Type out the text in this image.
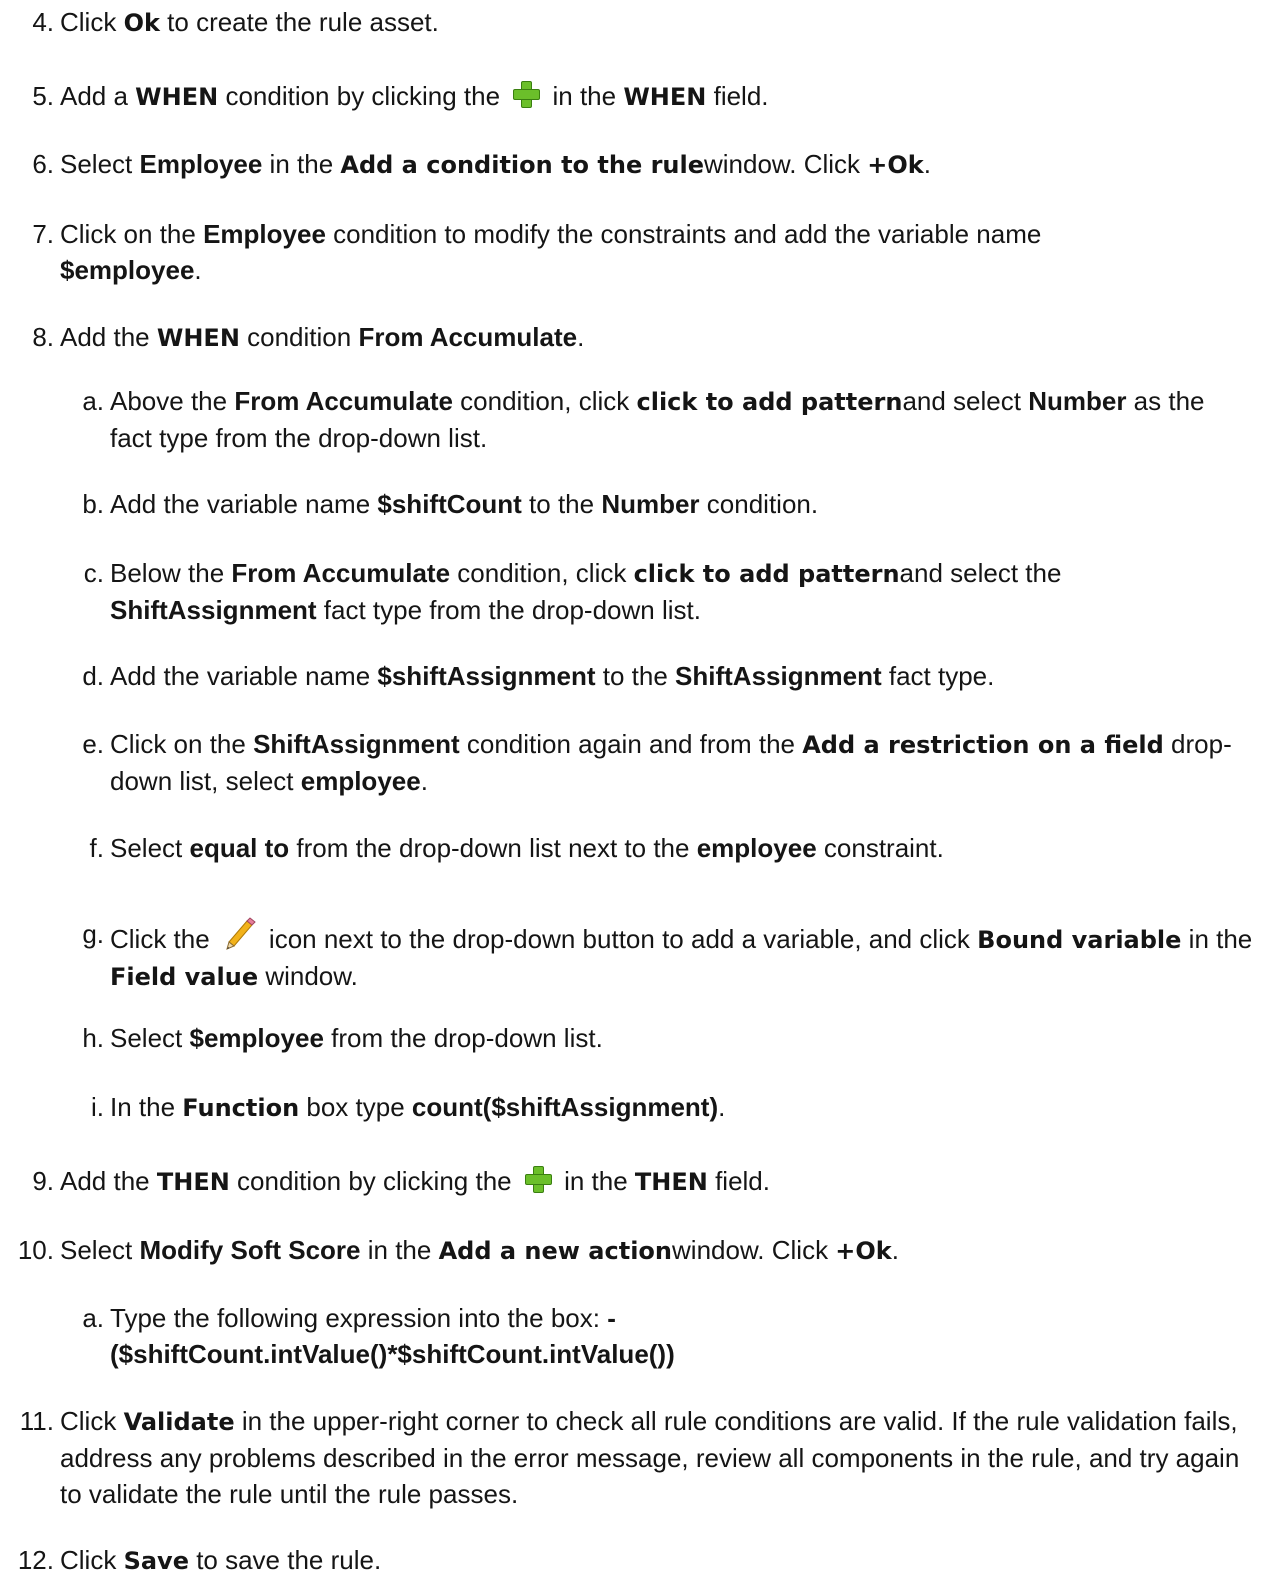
4. Click Ok to create the rule asset.
5. Add a WHEN condition by clicking the  in the WHEN field.
6. Select Employee in the Add a condition to the rulewindow. Click +Ok.
7. Click on the Employee condition to modify the constraints and add the variable name $employee.
8. Add the WHEN condition From Accumulate.
a. Above the From Accumulate condition, click click to add patternand select Number as the fact type from the drop-down list.
b. Add the variable name $shiftCount to the Number condition.
c. Below the From Accumulate condition, click click to add patternand select the ShiftAssignment fact type from the drop-down list.
d. Add the variable name $shiftAssignment to the ShiftAssignment fact type.
e. Click on the ShiftAssignment condition again and from the Add a restriction on a field drop-down list, select employee.
f. Select equal to from the drop-down list next to the employee constraint.
g. Click the icon next to the drop-down button to add a variable, and click Bound variable in the Field value window.
h. Select $employee from the drop-down list.
i. In the Function box type count($shiftAssignment).
9. Add the THEN condition by clicking the  in the THEN field.
10. Select Modify Soft Score in the Add a new actionwindow. Click +Ok.
a. Type the following expression into the box: -($shiftCount.intValue()*$shiftCount.intValue())
11. Click Validate in the upper-right corner to check all rule conditions are valid. If the rule validation fails, address any problems described in the error message, review all components in the rule, and try again to validate the rule until the rule passes.
12. Click Save to save the rule.
